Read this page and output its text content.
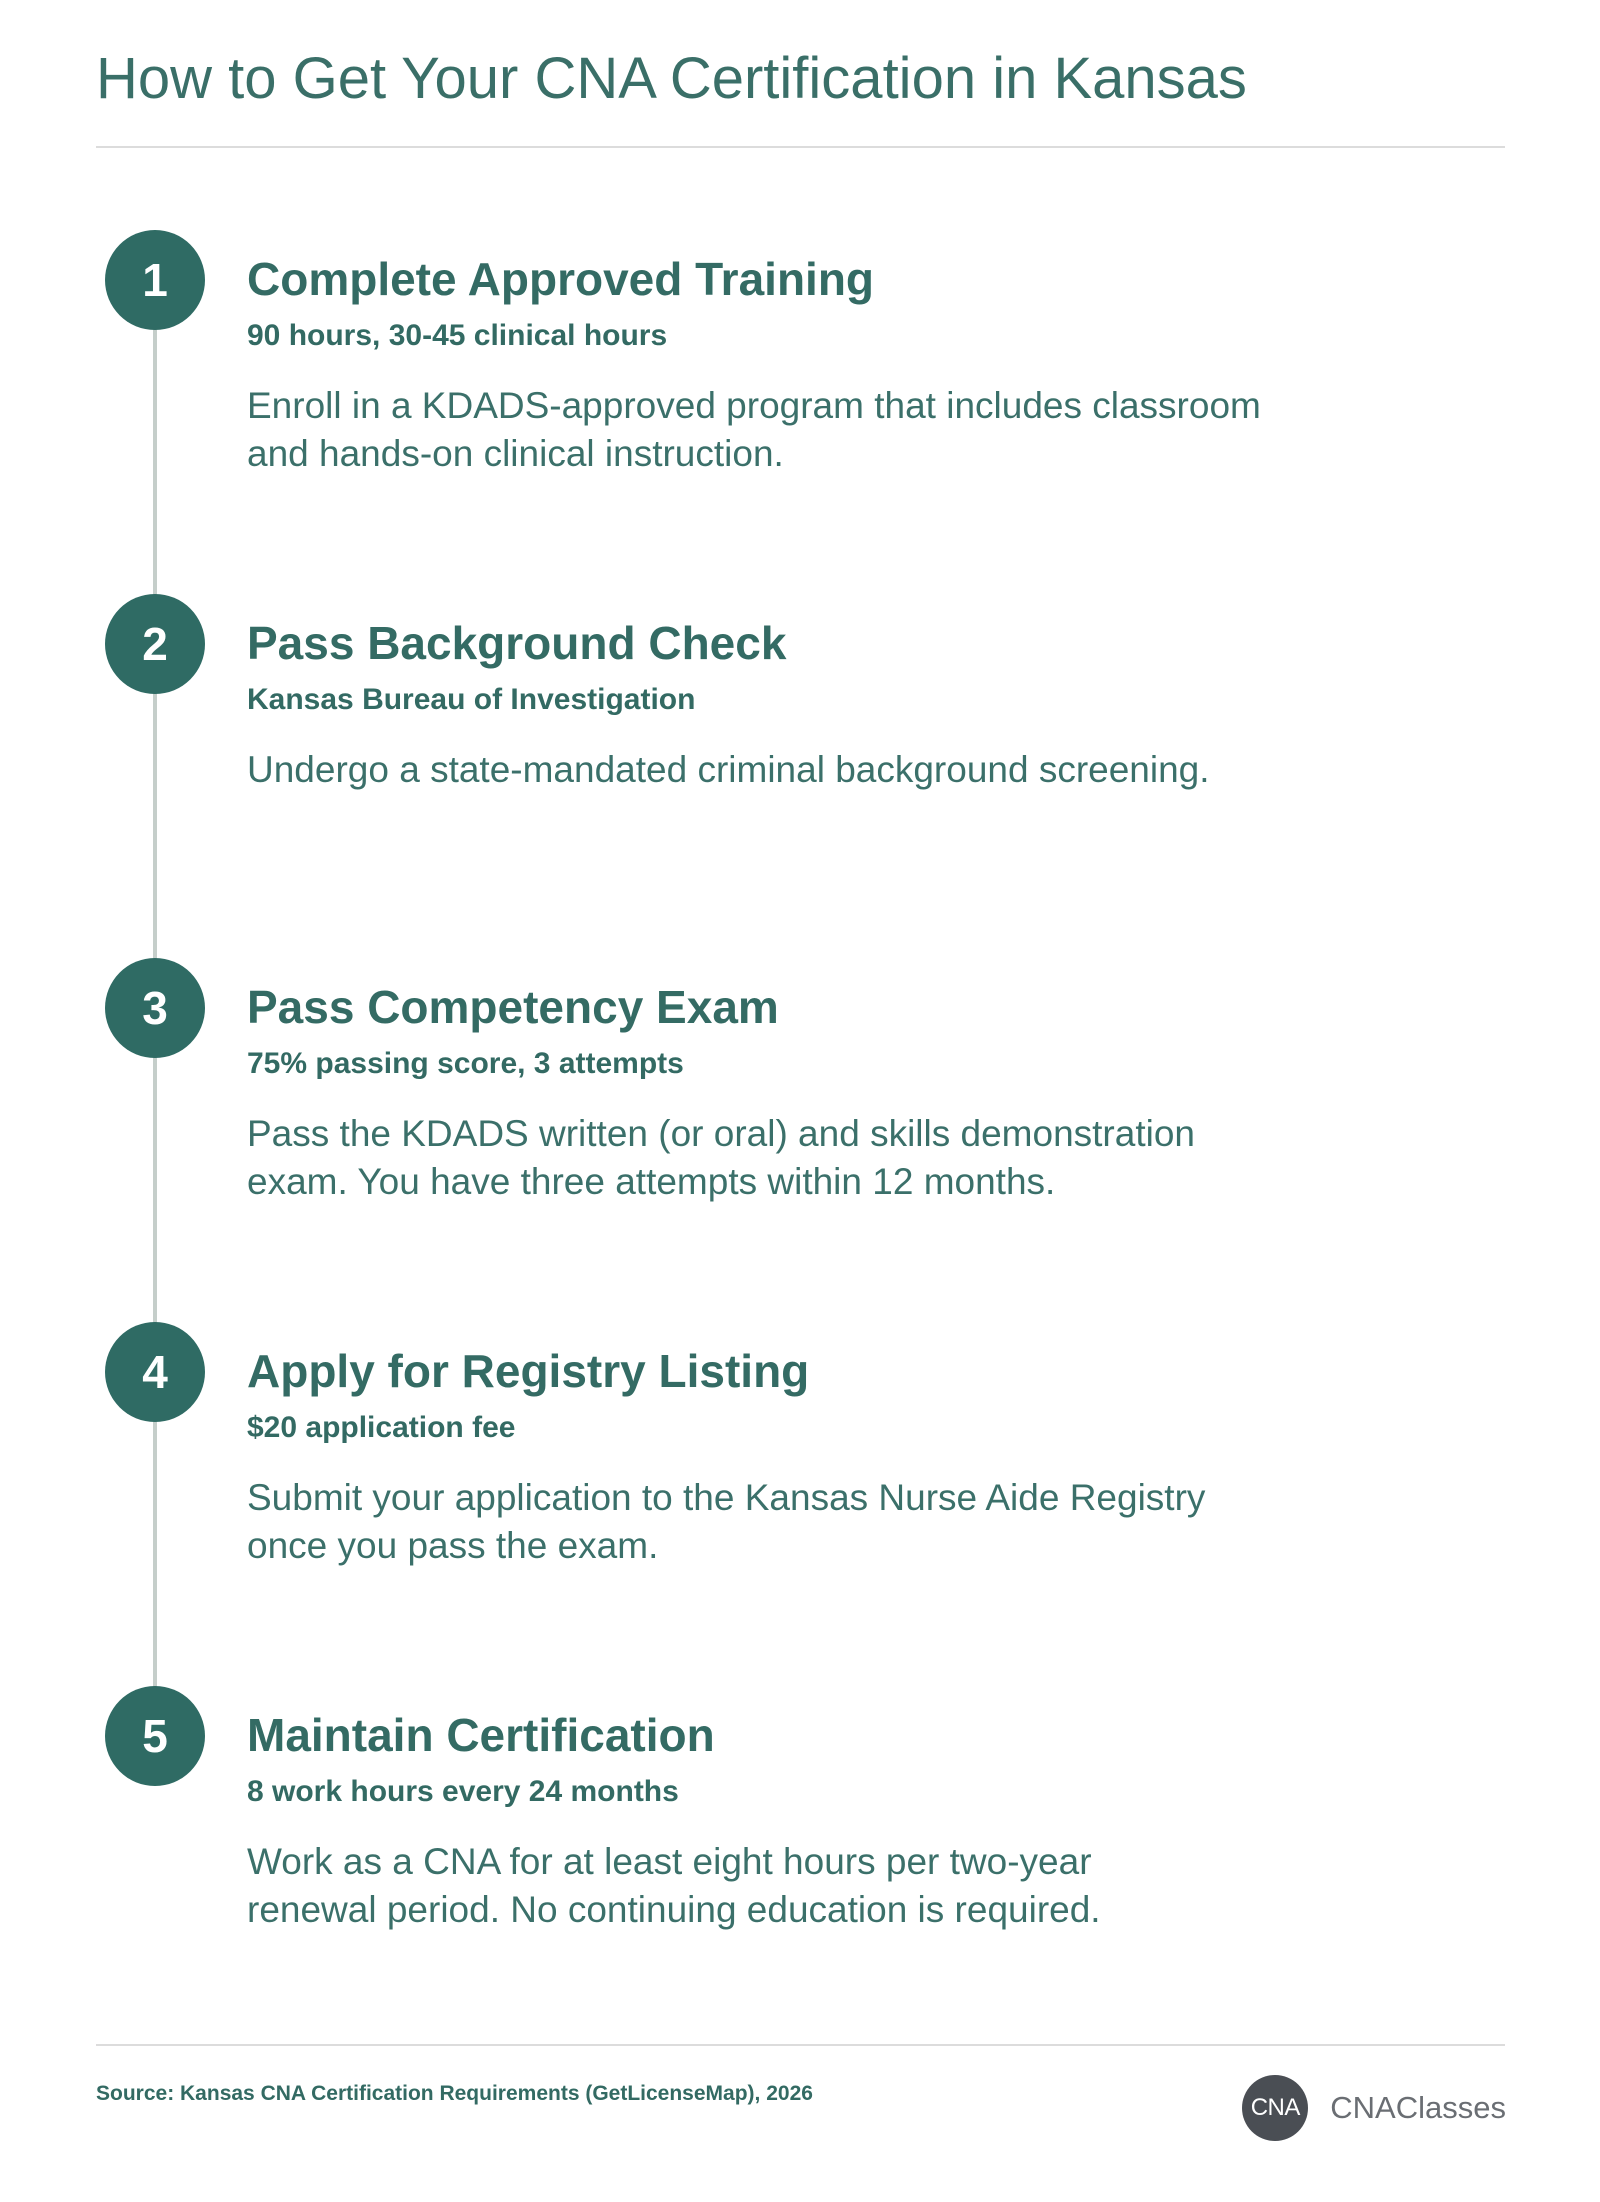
How to Get Your CNA Certification in Kansas
1	Complete Approved Training
90 hours, 30-45 clinical hours
Enroll in a KDADS-approved program that includes classroom
and hands-on clinical instruction.
2	Pass Background Check
Kansas Bureau of Investigation
Undergo a state-mandated criminal background screening.
3	Pass Competency Exam
75% passing score, 3 attempts
Pass the KDADS written (or oral) and skills demonstration
exam. You have three attempts within 12 months.
4	Apply for Registry Listing
$20 application fee
Submit your application to the Kansas Nurse Aide Registry
once you pass the exam.
5	Maintain Certification
8 work hours every 24 months
Work as a CNA for at least eight hours per two-year
renewal period. No continuing education is required.
Source: Kansas CNA Certification Requirements (GetLicenseMap), 2026
CNA CNAClasses
